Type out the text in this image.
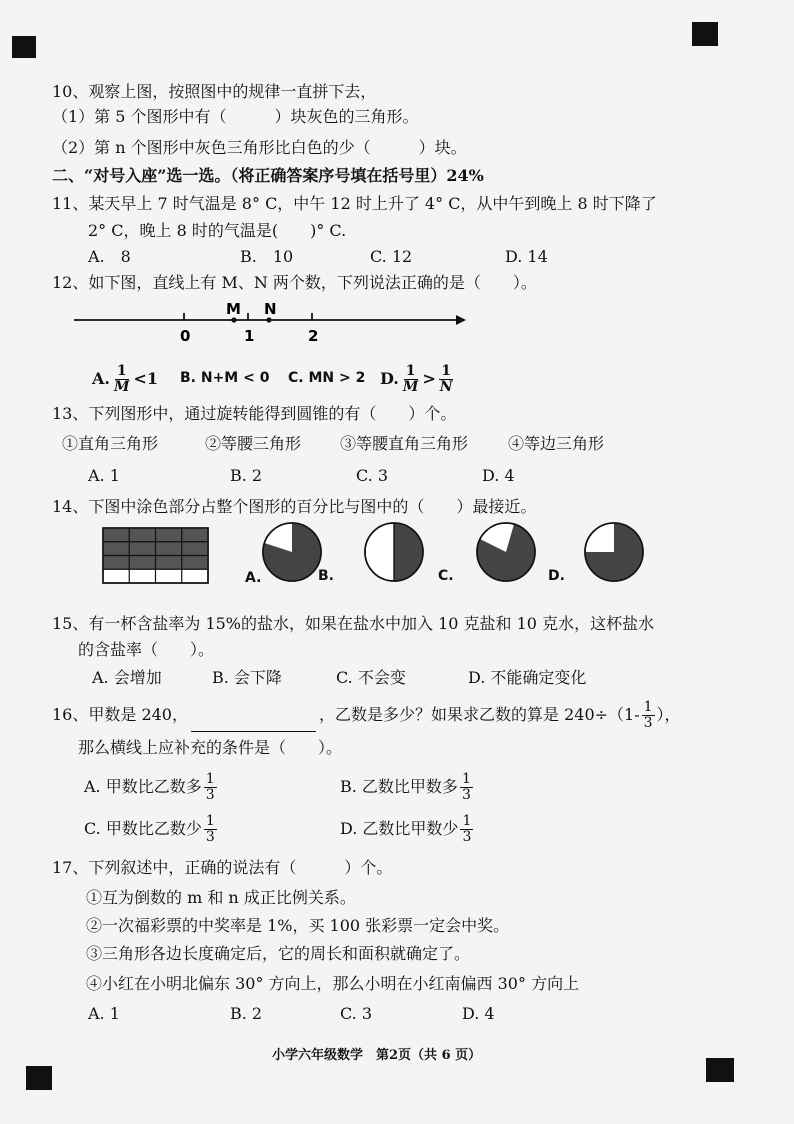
10、观察上图，按照图中的规律一直拼下去，
（1）第 5 个图形中有（　　　）块灰色的三角形。
（2）第 n 个图形中灰色三角形比白色的少（　　　）块。
二、“对号入座”选一选。（将正确答案序号填在括号里）24%
11、某天早上 7 时气温是 8° C，中午 12 时上升了 4° C，从中午到晚上 8 时下降了
2° C，晚上 8 时的气温是(　　)° C.
A.　8	B.　10	C. 12	D. 14
12、如下图，直线上有 M、N 两个数，下列说法正确的是（　　）。
0	1	2
M N
A. $\frac{1}{M} <1$ B. N+M < 0 C. MN > 2 D. $\frac{1}{M} > \frac{1}{N}$
13、下列图形中，通过旋转能得到圆锥的有（　　）个。
①直角三角形	②等腰三角形 ③等腰直角三角形 ④等边三角形
A. 1	B. 2	C. 3	D. 4
14、下图中涂色部分占整个图形的百分比与图中的（　　）最接近。
A.	B.	C.	D.
15、有一杯含盐率为 15%的盐水，如果在盐水中加入 10 克盐和 10 克水，这杯盐水
的含盐率（　　）。
A. 会增加	B. 会下降	C. 不会变	D. 不能确定变化
16、甲数是 240，	，乙数是多少？如果求乙数的算是 $240\div(1- \frac{1}{3}$ ），
那么横线上应补充的条件是（　　）。
A. 甲数比乙数多 $\frac{1}{3}$	B. 乙数比甲数多 $\frac{1}{3}$
C. 甲数比乙数少 $\frac{1}{3}$	D. 乙数比甲数少 $\frac{1}{3}$
17、下列叙述中，正确的说法有（　　　）个。
①互为倒数的 m 和 n 成正比例关系。
②一次福彩票的中奖率是 1%，买 100 张彩票一定会中奖。
③三角形各边长度确定后，它的周长和面积就确定了。
④小红在小明北偏东 30° 方向上，那么小明在小红南偏西 30° 方向上
A. 1	B. 2	C. 3	D. 4
小学六年级数学　第2页（共 6 页）
